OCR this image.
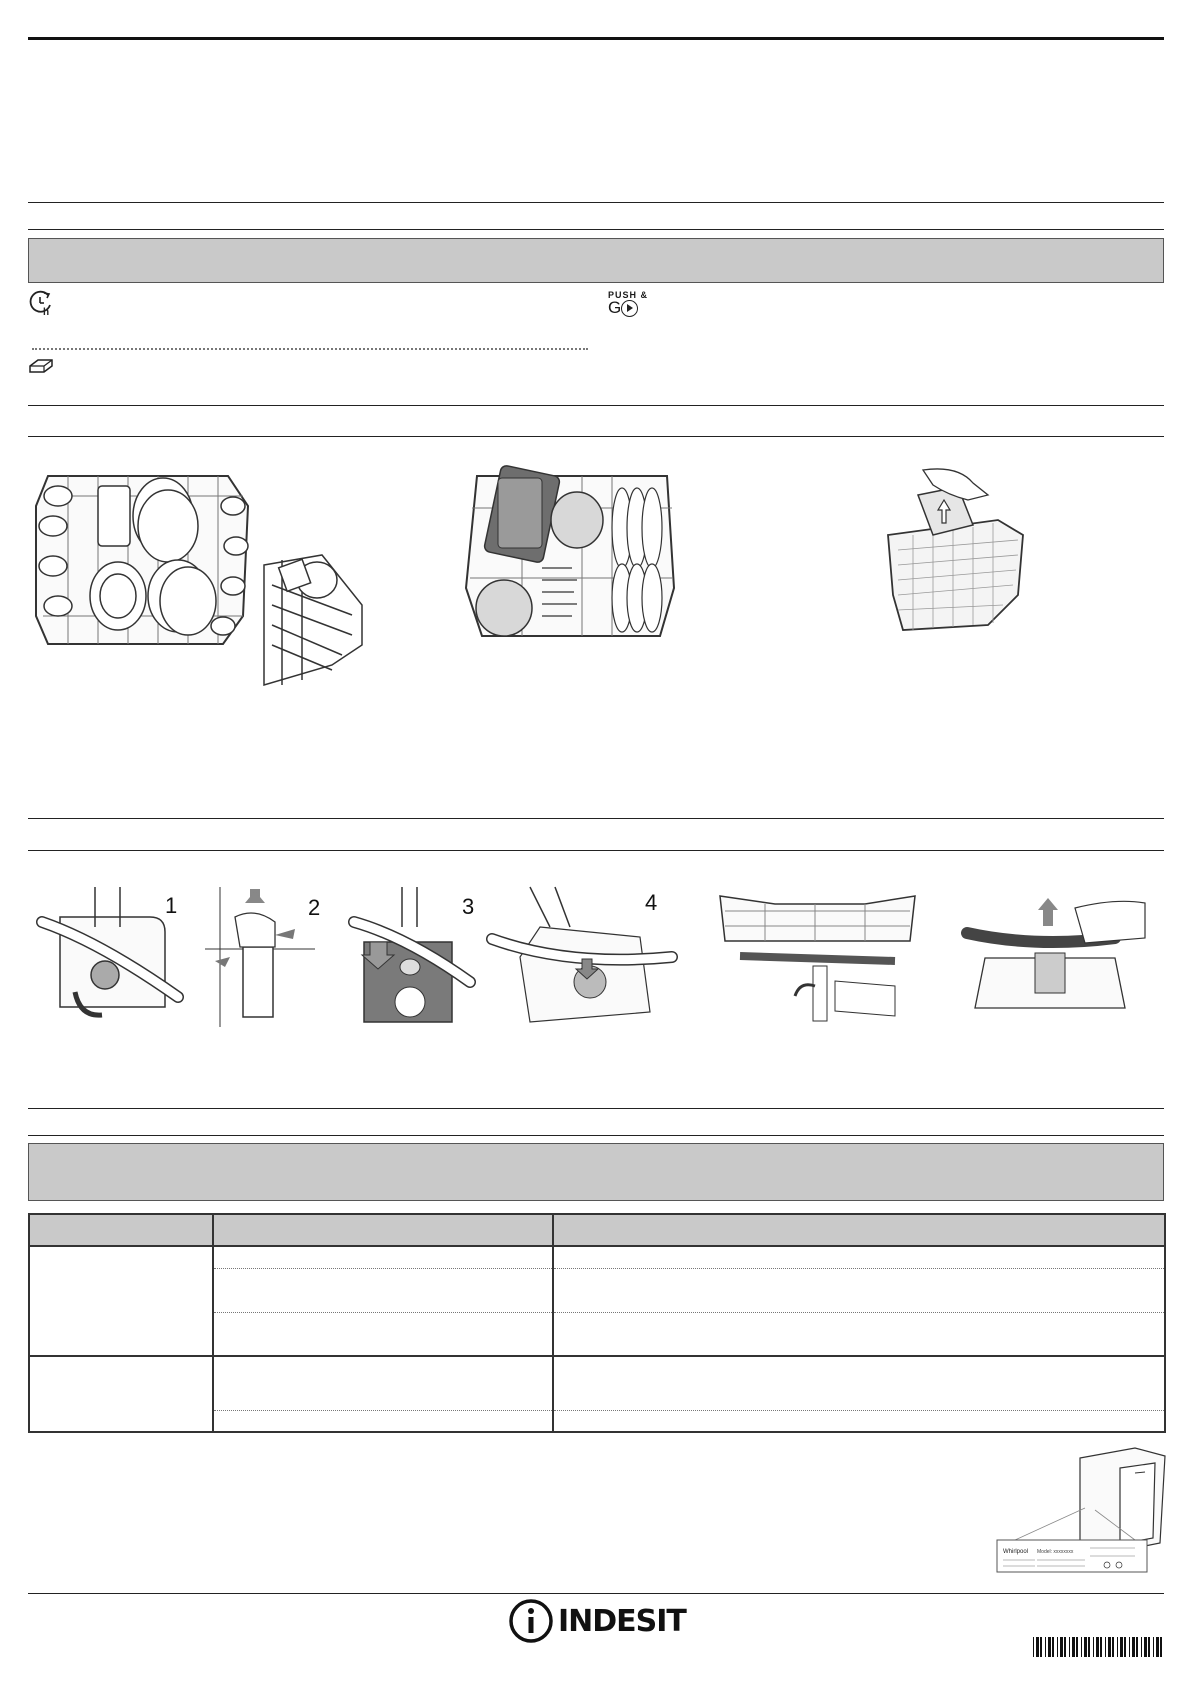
h
PUSH &
G
1	2	3	4

Whirlpool Model: xxxxxxxx
INDESIT
